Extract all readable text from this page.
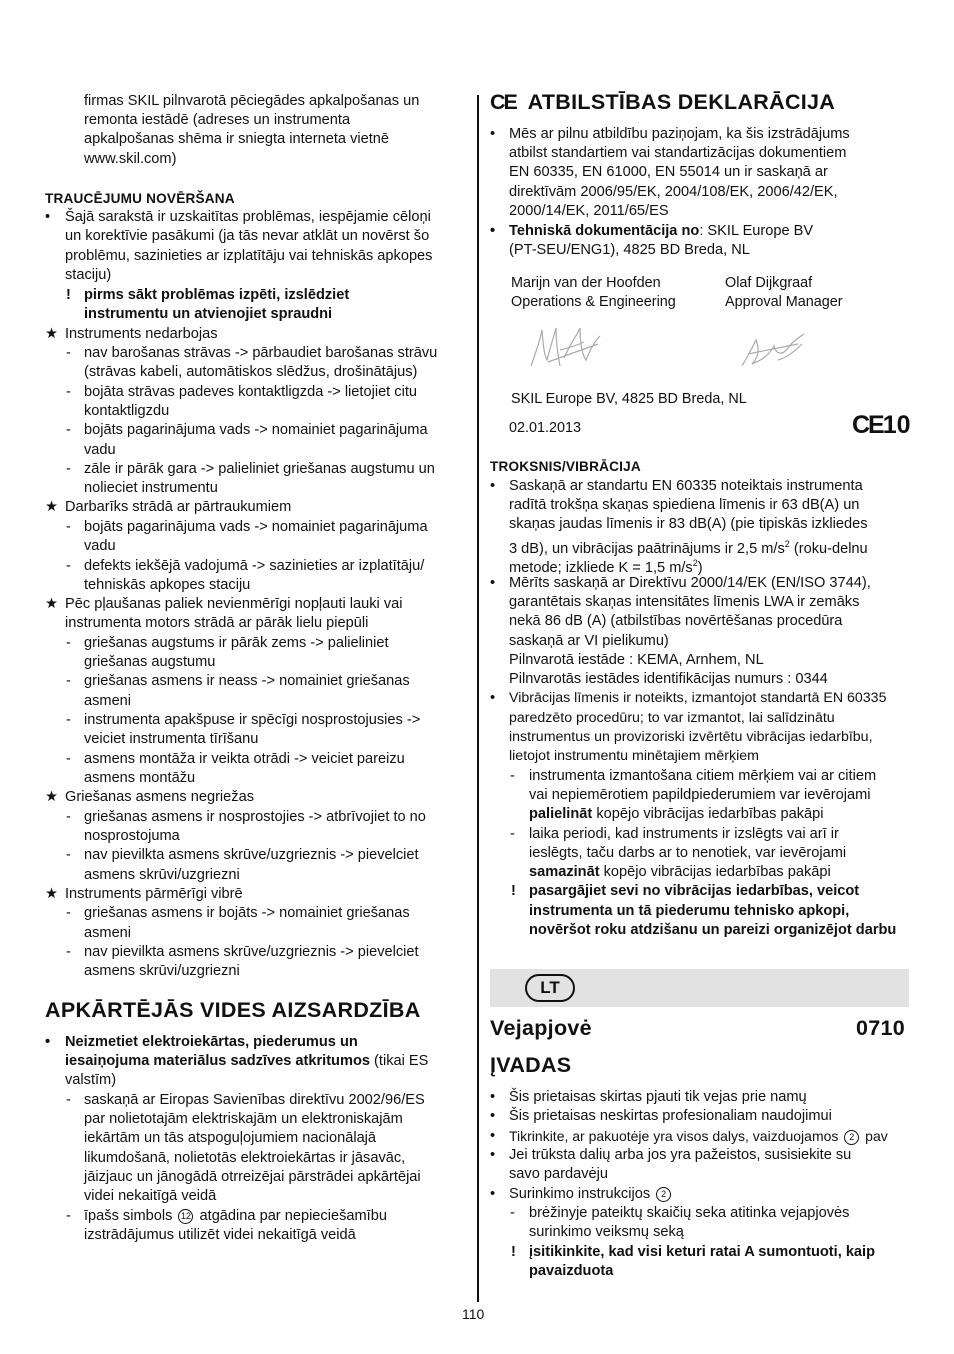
firmas SKIL pilnvarotā pēciegādes apkalpošanas un
remonta iestādē (adreses un instrumenta
apkalpošanas shēma ir sniegta interneta vietnē
www.skil.com)
TRAUCĒJUMU NOVĒRŠANA
• Šajā sarakstā ir uzskaitītas problēmas, iespējamie cēloņi
un korektīvie pasākumi (ja tās nevar atklāt un novērst šo
problēmu, sazinieties ar izplatītāju vai tehniskās apkopes
staciju)
! pirms sākt problēmas izpēti, izslēdziet
instrumentu un atvienojiet spraudni
★ Instruments nedarbojas
- nav barošanas strāvas -> pārbaudiet barošanas strāvu
(strāvas kabeli, automātiskos slēdžus, drošinātājus)
- bojāta strāvas padeves kontaktligzda -> lietojiet citu
kontaktligzdu
- bojāts pagarinājuma vads -> nomainiet pagarinājuma
vadu
- zāle ir pārāk gara -> palieliniet griešanas augstumu un
nolieciet instrumentu
★ Darbarīks strādā ar pārtraukumiem
- bojāts pagarinājuma vads -> nomainiet pagarinājuma
vadu
- defekts iekšējā vadojumā -> sazinieties ar izplatītāju/
tehniskās apkopes staciju
★ Pēc pļaušanas paliek nevienmērīgi nopļauti lauki vai
instrumenta motors strādā ar pārāk lielu piepūli
- griešanas augstums ir pārāk zems -> palieliniet
griešanas augstumu
- griešanas asmens ir neass -> nomainiet griešanas
asmeni
- instrumenta apakšpuse ir spēcīgi nosprostojusies ->
veiciet instrumenta tīrīšanu
- asmens montāža ir veikta otrādi -> veiciet pareizu
asmens montāžu
★ Griešanas asmens negriežas
- griešanas asmens ir nosprostojies -> atbrīvojiet to no
nosprostojuma
- nav pievilkta asmens skrūve/uzgrieznis -> pievelciet
asmens skrūvi/uzgriezni
★ Instruments pārmērīgi vibrē
- griešanas asmens ir bojāts -> nomainiet griešanas
asmeni
- nav pievilkta asmens skrūve/uzgrieznis -> pievelciet
asmens skrūvi/uzgriezni
APKĀRTĒJĀS VIDES AIZSARDZĪBA
• Neizmetiet elektroiekārtas, piederumus un
iesaiņojuma materiālus sadzīves atkritumos (tikai ES
valstīm)
- saskaņā ar Eiropas Savienības direktīvu 2002/96/ES
par nolietotajām elektriskajām un elektroniskajām
iekārtām un tās atspoguļojumiem nacionālajā
likumdošanā, nolietotās elektroiekārtas ir jāsavāc,
jāizjauc un jānogādā otrreizējai pārstrādei apkārtējai
videi nekaitīgā veidā
- īpašs simbols 12 atgādina par nepieciešamību
izstrādājumus utilizēt videi nekaitīgā veidā
CE ATBILSTĪBAS DEKLARĀCIJA
• Mēs ar pilnu atbildību paziņojam, ka šis izstrādājums
atbilst standartiem vai standartizācijas dokumentiem
EN 60335, EN 61000, EN 55014 un ir saskaņā ar
direktīvām 2006/95/EK, 2004/108/EK, 2006/42/EK,
2000/14/EK, 2011/65/ES
• Tehniskā dokumentācija no: SKIL Europe BV
(PT-SEU/ENG1), 4825 BD Breda, NL
Marijn van der Hoofden
Operations & Engineering
Olaf Dijkgraaf
Approval Manager
SKIL Europe BV, 4825 BD Breda, NL
02.01.2013	CE10
TROKSNIS/VIBRĀCIJA
• Saskaņā ar standartu EN 60335 noteiktais instrumenta
radītā trokšņa skaņas spiediena līmenis ir 63 dB(A) un
skaņas jaudas līmenis ir 83 dB(A) (pie tipiskās izkliedes
3 dB), un vibrācijas paātrinājums ir 2,5 $m/s^2$ (roku-delnu
metode; izkliede K = 1,5 $m/s^2$)
• Mērīts saskaņā ar Direktīvu 2000/14/EK (EN/ISO 3744),
garantētais skaņas intensitātes līmenis LWA ir zemāks
nekā 86 dB (A) (atbilstības novērtēšanas procedūra
saskaņā ar VI pielikumu)
Pilnvarotā iestāde : KEMA, Arnhem, NL
Pilnvarotās iestādes identifikācijas numurs : 0344
• Vibrācijas līmenis ir noteikts, izmantojot standartā EN 60335
paredzēto procedūru; to var izmantot, lai salīdzinātu
instrumentus un provizoriski izvērtētu vibrācijas iedarbību,
lietojot instrumentu minētajiem mērķiem
- instrumenta izmantošana citiem mērķiem vai ar citiem
vai nepiemērotiem papildpiederumiem var ievērojami
palielināt kopējo vibrācijas iedarbības pakāpi
- laika periodi, kad instruments ir izslēgts vai arī ir
ieslēgts, taču darbs ar to nenotiek, var ievērojami
samazināt kopējo vibrācijas iedarbības pakāpi
! pasargājiet sevi no vibrācijas iedarbības, veicot
instrumenta un tā piederumu tehnisko apkopi,
novēršot roku atdzišanu un pareizi organizējot darbu
LT
Vejapjovė	0710
ĮVADAS
• Šis prietaisas skirtas pjauti tik vejas prie namų
• Šis prietaisas neskirtas profesionaliam naudojimui
• Tikrinkite, ar pakuotėje yra visos dalys, vaizduojamos 2 pav
• Jei trūksta dalių arba jos yra pažeistos, susisiekite su
savo pardavėju
• Surinkimo instrukcijos 2
- brėžinyje pateiktų skaičių seka atitinka vejapjovės
surinkimo veiksmų seką
! įsitikinkite, kad visi keturi ratai A sumontuoti, kaip
pavaizduota
110
